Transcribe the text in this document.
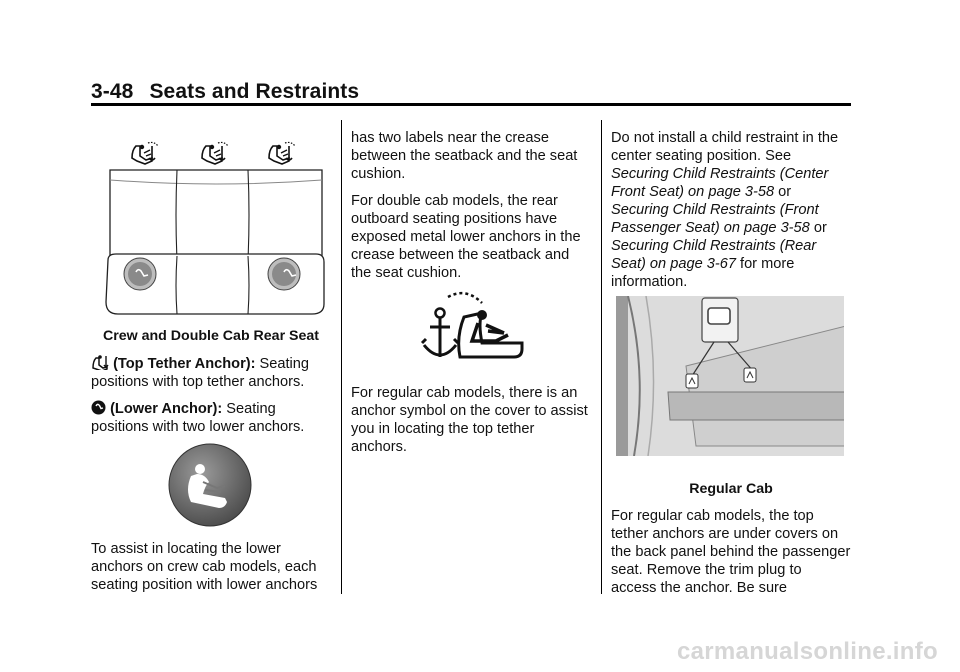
3-48 Seats and Restraints

Crew and Double Cab Rear Seat

(Top Tether Anchor): Seating positions with top tether anchors.

(Lower Anchor): Seating positions with two lower anchors.

To assist in locating the lower anchors on crew cab models, each seating position with lower anchors

has two labels near the crease between the seatback and the seat cushion.

For double cab models, the rear outboard seating positions have exposed metal lower anchors in the crease between the seatback and the seat cushion.

For regular cab models, there is an anchor symbol on the cover to assist you in locating the top tether anchors.

Do not install a child restraint in the center seating position. See Securing Child Restraints (Center Front Seat) on page 3-58 or Securing Child Restraints (Front Passenger Seat) on page 3-58 or Securing Child Restraints (Rear Seat) on page 3-67 for more information.

Regular Cab

For regular cab models, the top tether anchors are under covers on the back panel behind the passenger seat. Remove the trim plug to access the anchor. Be sure

carmanualsonline.info
